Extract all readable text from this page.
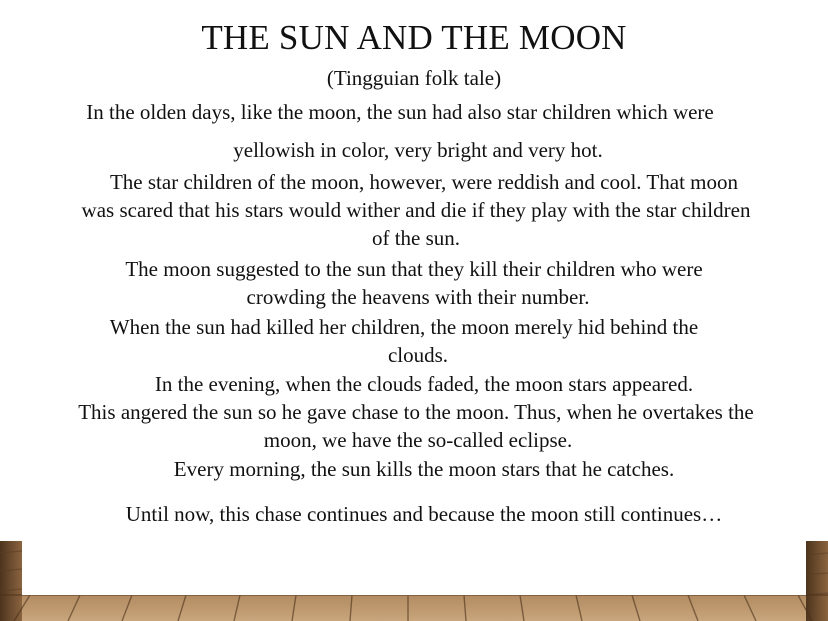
THE SUN AND THE MOON
(Tingguian folk tale)
In the olden days, like the moon, the sun had also star children which were
yellowish in color, very bright and very hot.
The star children of the moon, however, were reddish and cool. That moon
was scared that his stars would wither and die if they play with the star children
of the sun.
The moon suggested to the sun that they kill their children who were
crowding the heavens with their number.
When the sun had killed her children, the moon merely hid behind the
clouds.
In the evening, when the clouds faded, the moon stars appeared.
This angered the sun so he gave chase to the moon. Thus, when he overtakes the
moon, we have the so-called eclipse.
Every morning, the sun kills the moon stars that he catches.
Until now, this chase continues and because the moon still continues…
